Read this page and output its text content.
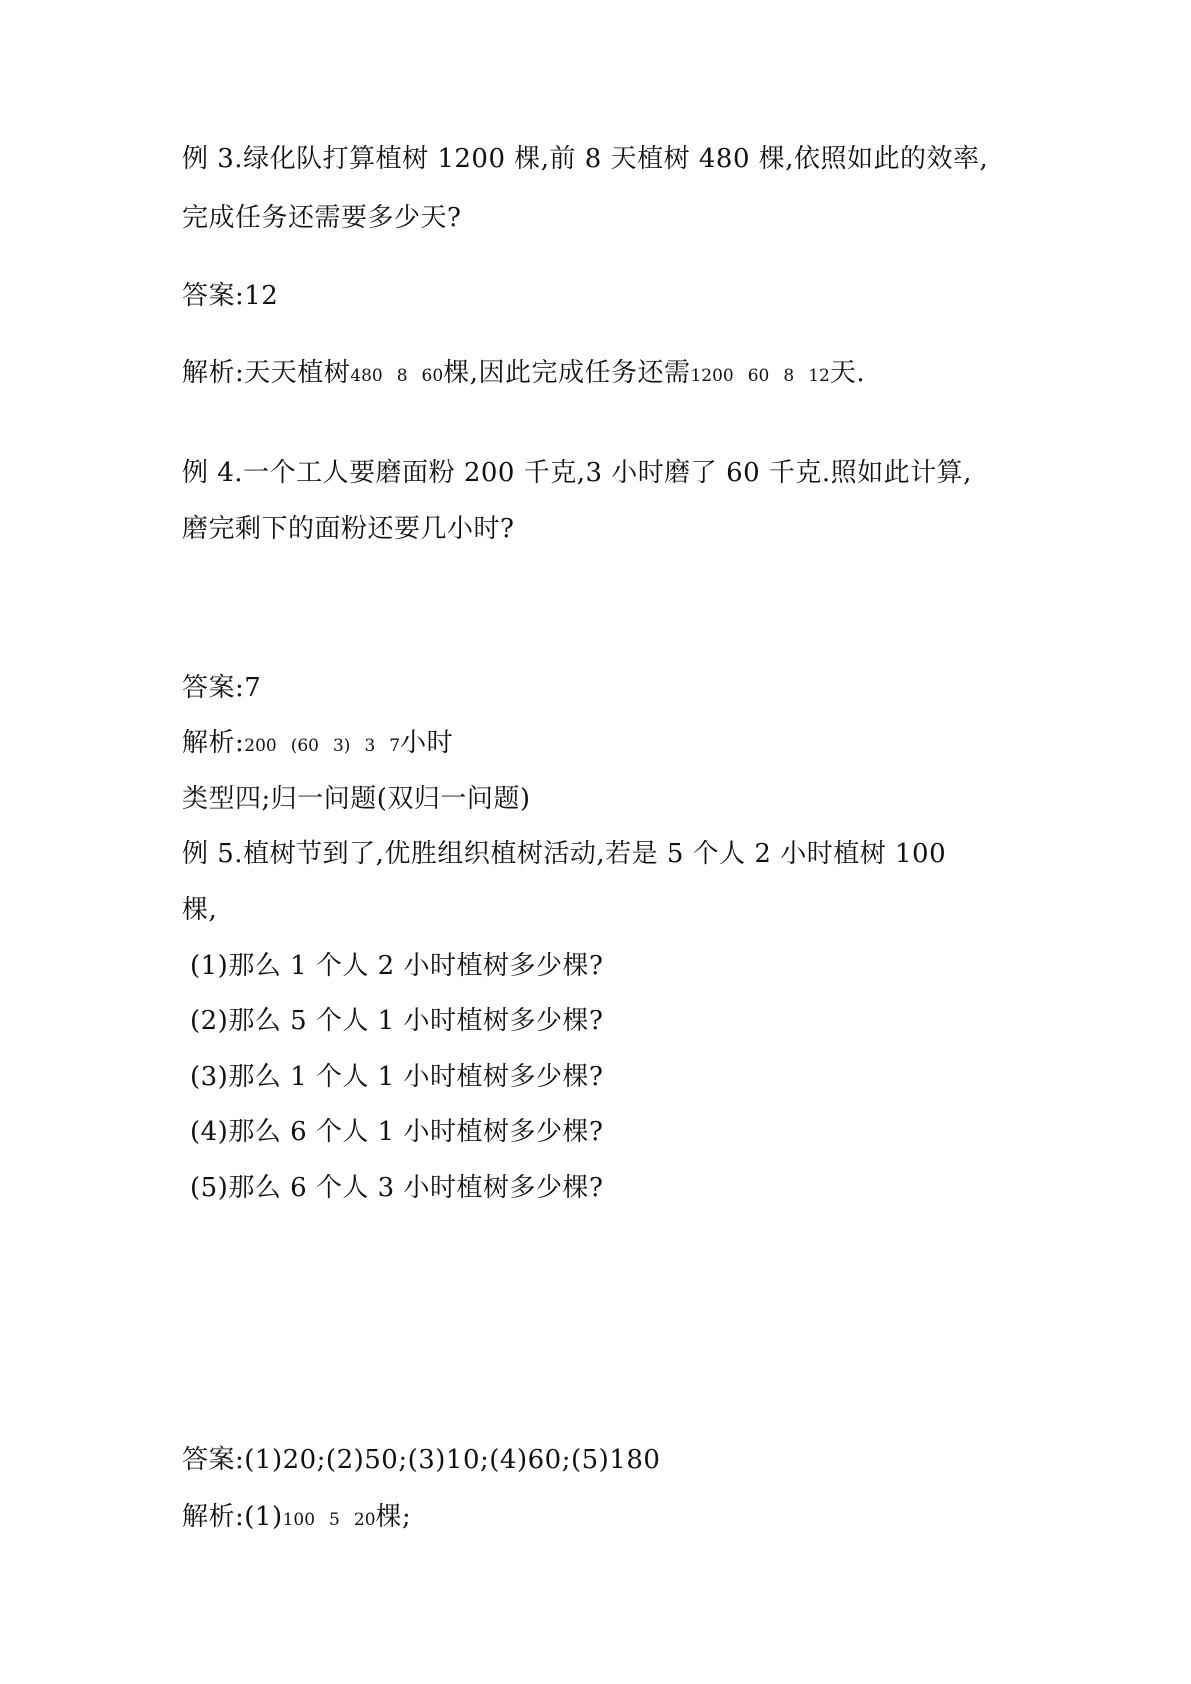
例 3.绿化队打算植树 1200 棵,前 8 天植树 480 棵,依照如此的效率,
完成任务还需要多少天?
答案:12
解析:天天植树480 8 60棵,因此完成任务还需1200 60 8 12天.
例 4.一个工人要磨面粉 200 千克,3 小时磨了 60 千克.照如此计算,
磨完剩下的面粉还要几小时?
答案:7
解析:200 (60 3) 3 7小时
类型四;归一问题(双归一问题)
例 5.植树节到了,优胜组织植树活动,若是 5 个人 2 小时植树 100
棵,
(1)那么 1 个人 2 小时植树多少棵?
(2)那么 5 个人 1 小时植树多少棵?
(3)那么 1 个人 1 小时植树多少棵?
(4)那么 6 个人 1 小时植树多少棵?
(5)那么 6 个人 3 小时植树多少棵?
答案:(1)20;(2)50;(3)10;(4)60;(5)180
解析:(1)100 5 20棵;
